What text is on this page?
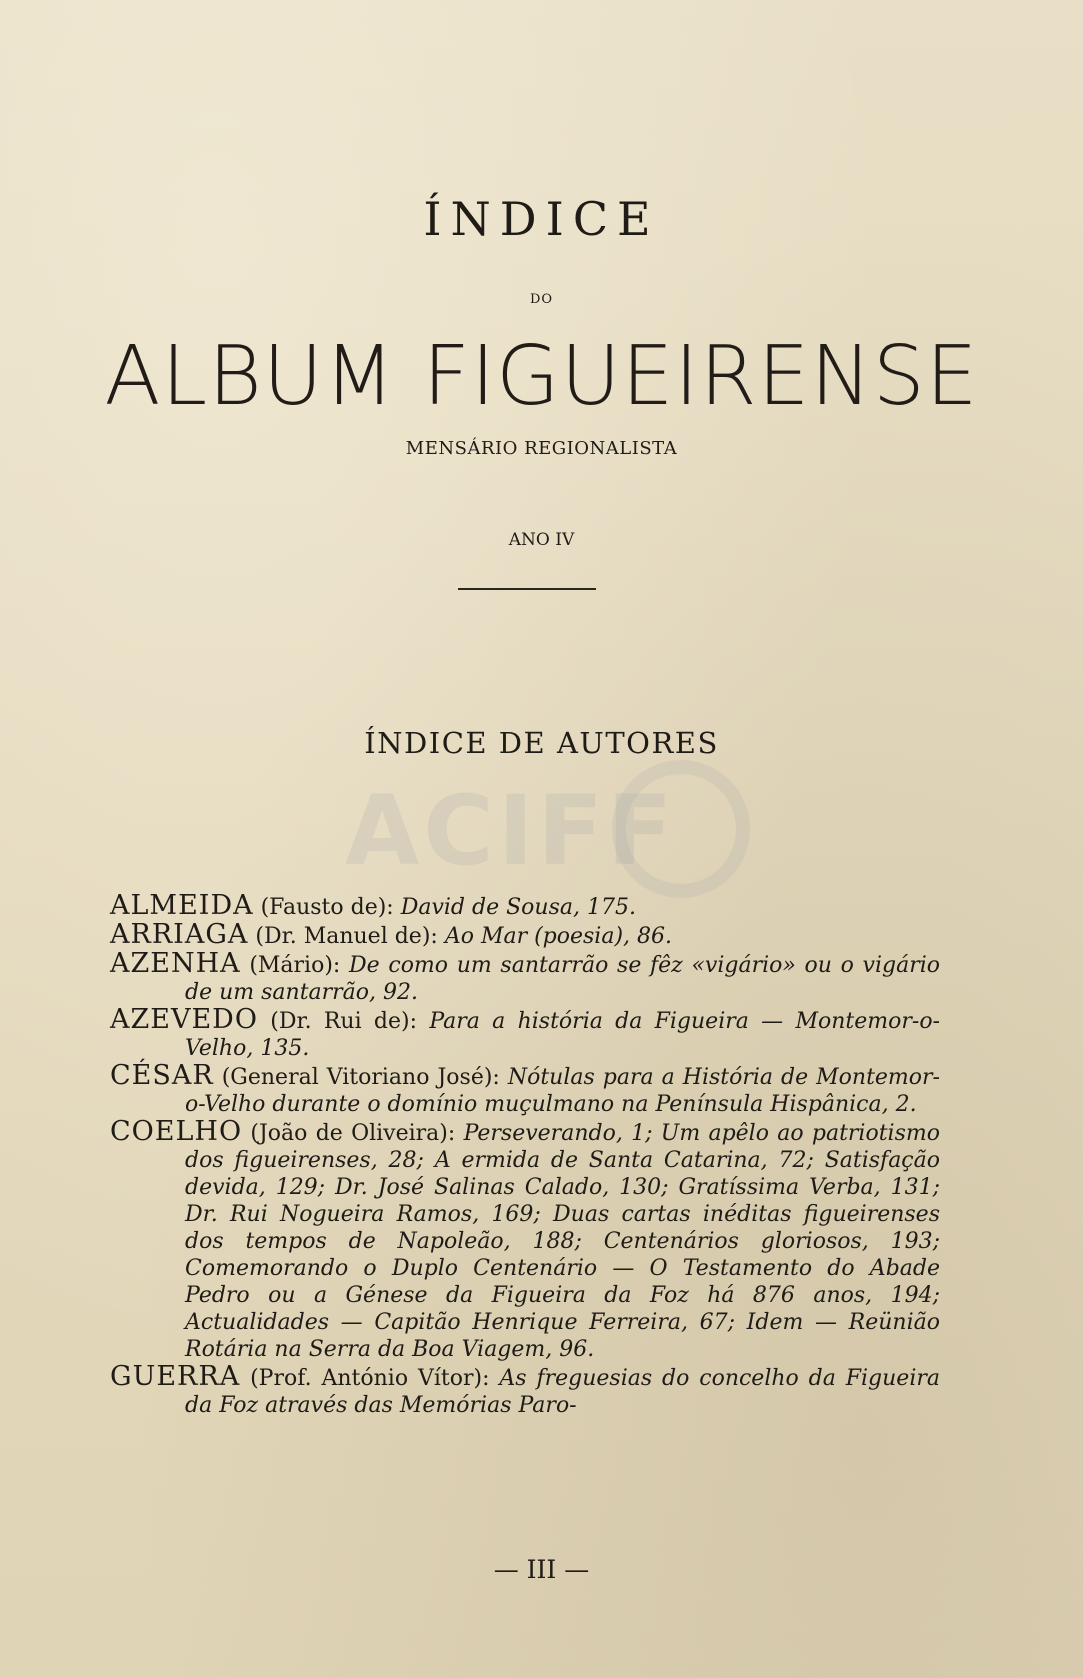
ACIFF
ÍNDICE
DO
ALBUM FIGUEIRENSE
MENSÁRIO REGIONALISTA
ANO IV
ÍNDICE DE AUTORES

ALMEIDA (Fausto de): David de Sousa, 175.

ARRIAGA (Dr. Manuel de): Ao Mar (poesia), 86.

AZENHA (Mário): De como um santarrão se fêz «vigário» ou o vigário de um santarrão, 92.

AZEVEDO (Dr. Rui de): Para a história da Figueira — Montemor-o-Velho, 135.

CÉSAR (General Vitoriano José): Nótulas para a História de Montemor-o-Velho durante o domínio muçulmano na Península Hispânica, 2.

COELHO (João de Oliveira): Perseverando, 1; Um apêlo ao patriotismo dos figueirenses, 28; A ermida de Santa Catarina, 72; Satisfação devida, 129; Dr. José Salinas Calado, 130; Gratíssima Verba, 131; Dr. Rui Nogueira Ramos, 169; Duas cartas inéditas figueirenses dos tempos de Napoleão, 188; Centenários gloriosos, 193; Comemorando o Duplo Centenário — O Testamento do Abade Pedro ou a Génese da Figueira da Foz há 876 anos, 194; Actualidades — Capitão Henrique Ferreira, 67; Idem — Reünião Rotária na Serra da Boa Viagem, 96.

GUERRA (Prof. António Vítor): As freguesias do concelho da Figueira da Foz através das Memórias Paro-

— III —
